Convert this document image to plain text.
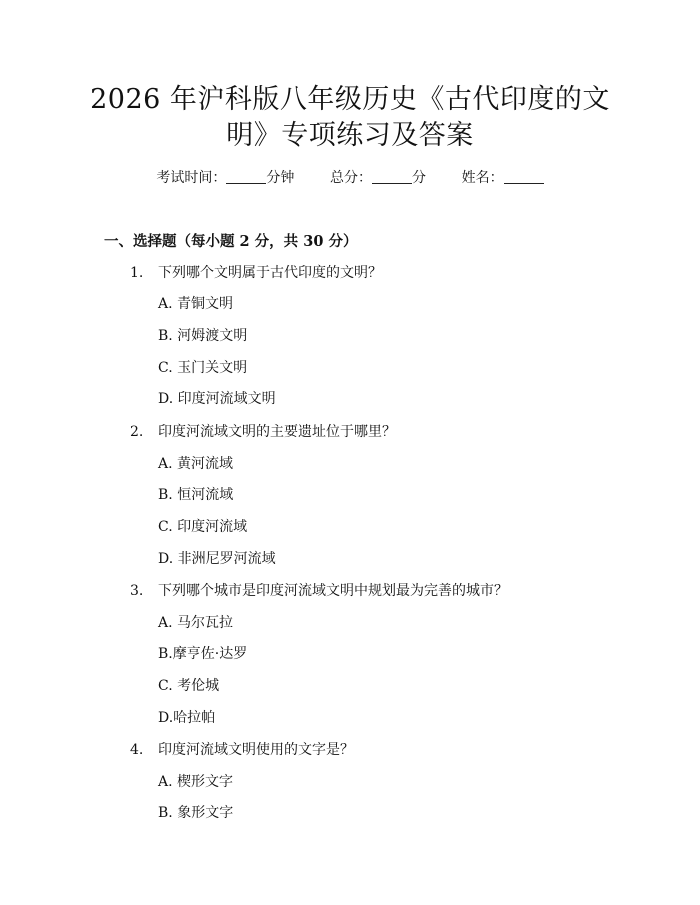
2026 年沪科版八年级历史《古代印度的文
明》专项练习及答案
考试时间：	分钟	总分：	分	姓名：
一、选择题（每小题 2 分，共 30 分）
1. 下列哪个文明属于古代印度的文明？
A. 青铜文明
B. 河姆渡文明
C. 玉门关文明
D. 印度河流域文明
2. 印度河流域文明的主要遗址位于哪里？
A. 黄河流域
B. 恒河流域
C. 印度河流域
D. 非洲尼罗河流域
3. 下列哪个城市是印度河流域文明中规划最为完善的城市？
A. 马尔瓦拉
B.摩亨佐·达罗
C. 考伦城
D.哈拉帕
4. 印度河流域文明使用的文字是？
A. 楔形文字
B. 象形文字
